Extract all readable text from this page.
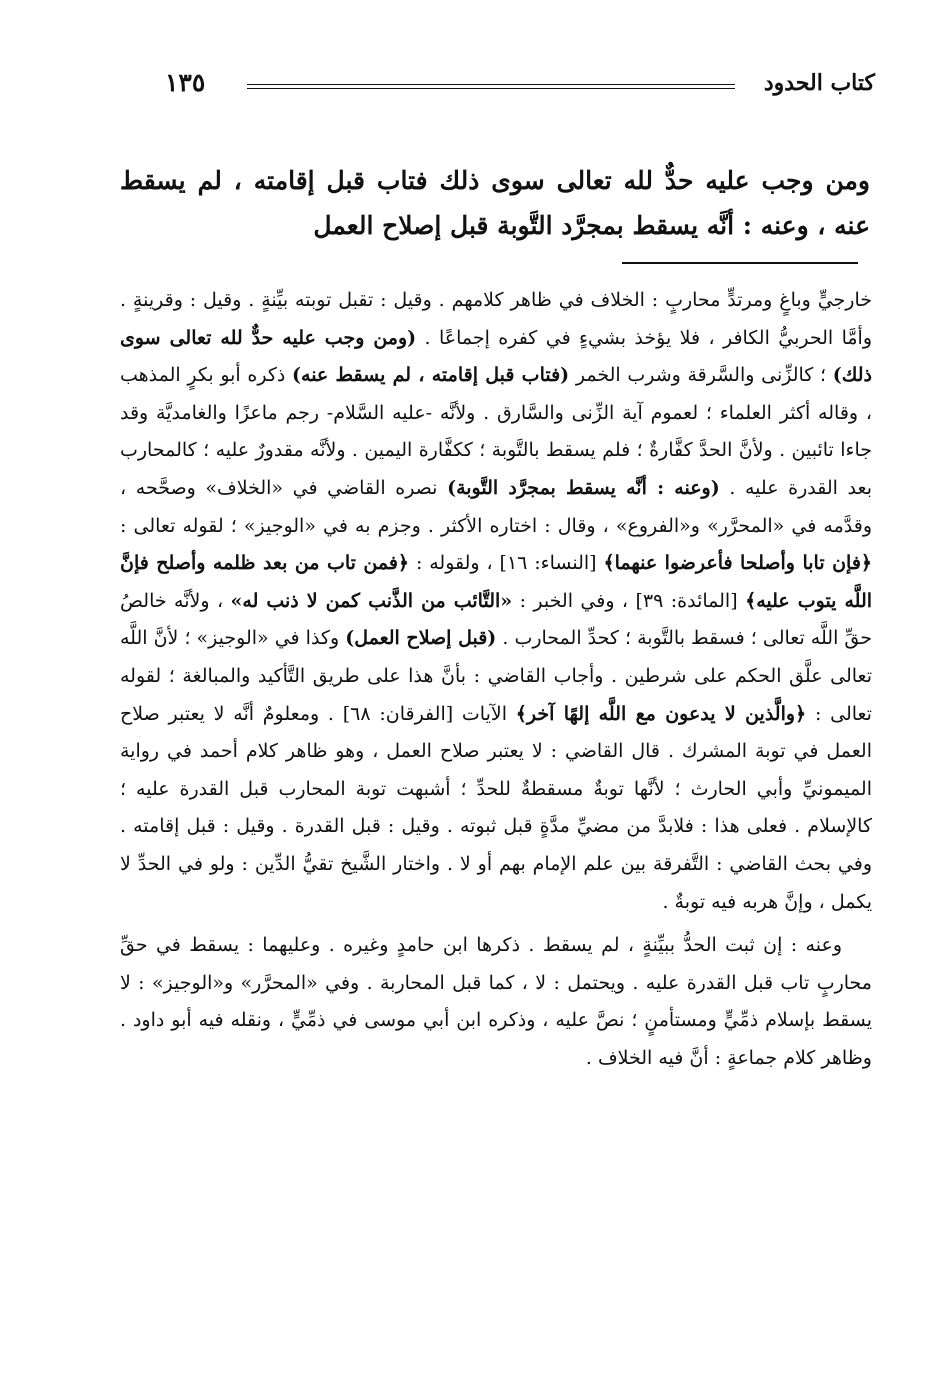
كتاب الحدود
١٣٥
ومن وجب عليه حدٌّ لله تعالى سوى ذلك فتاب قبل إقامته ، لم يسقط عنه ، وعنه : أنَّه يسقط بمجرَّد التَّوبة قبل إصلاح العمل

خارجيٍّ وباغٍ ومرتدٍّ محاربٍ : الخلاف في ظاهر كلامهم . وقيل : تقبل توبته بيِّنةٍ . وقيل : وقرينةٍ . وأمَّا الحربيُّ الكافر ، فلا يؤخذ بشيءٍ في كفره إجماعًا . (ومن وجب عليه حدٌّ لله تعالى سوى ذلك) ؛ كالزِّنى والسَّرقة وشرب الخمر (فتاب قبل إقامته ، لم يسقط عنه) ذكره أبو بكرٍ المذهب ، وقاله أكثر العلماء ؛ لعموم آية الزِّنى والسَّارق . ولأنَّه -عليه السَّلام- رجم ماعزًا والغامديَّة وقد جاءا تائبين . ولأنَّ الحدَّ كفَّارةٌ ؛ فلم يسقط بالتَّوبة ؛ ككفَّارة اليمين . ولأنَّه مقدورٌ عليه ؛ كالمحارب بعد القدرة عليه . (وعنه : أنَّه يسقط بمجرَّد التَّوبة) نصره القاضي في «الخلاف» وصحَّحه ، وقدَّمه في «المحرَّر» و«الفروع» ، وقال : اختاره الأكثر . وجزم به في «الوجيز» ؛ لقوله تعالى : ﴿فإن تابا وأصلحا فأعرضوا عنهما﴾ [النساء: ١٦] ، ولقوله : ﴿فمن تاب من بعد ظلمه وأصلح فإنَّ اللَّه يتوب عليه﴾ [المائدة: ٣٩] ، وفي الخبر : «التَّائب من الذَّنب كمن لا ذنب له» ، ولأنَّه خالصُ حقِّ اللَّه تعالى ؛ فسقط بالتَّوبة ؛ كحدِّ المحارب . (قبل إصلاح العمل) وكذا في «الوجيز» ؛ لأنَّ اللَّه تعالى علَّق الحكم على شرطين . وأجاب القاضي : بأنَّ هذا على طريق التَّأكيد والمبالغة ؛ لقوله تعالى : ﴿والَّذين لا يدعون مع اللَّه إلهًا آخر﴾ الآيات [الفرقان: ٦٨] . ومعلومٌ أنَّه لا يعتبر صلاح العمل في توبة المشرك . قال القاضي : لا يعتبر صلاح العمل ، وهو ظاهر كلام أحمد في رواية الميمونيِّ وأبي الحارث ؛ لأنَّها توبةٌ مسقطةٌ للحدِّ ؛ أشبهت توبة المحارب قبل القدرة عليه ؛ كالإسلام . فعلى هذا : فلابدَّ من مضيِّ مدَّةٍ قبل ثبوته . وقيل : قبل القدرة . وقيل : قبل إقامته . وفي بحث القاضي : التَّفرقة بين علم الإمام بهم أو لا . واختار الشَّيخ تقيُّ الدِّين : ولو في الحدِّ لا يكمل ، وإنَّ هربه فيه توبةٌ .

وعنه : إن ثبت الحدُّ ببيِّنةٍ ، لم يسقط . ذكرها ابن حامدٍ وغيره . وعليهما : يسقط في حقِّ محاربٍ تاب قبل القدرة عليه . ويحتمل : لا ، كما قبل المحاربة . وفي «المحرَّر» و«الوجيز» : لا يسقط بإسلام ذمِّيٍّ ومستأمنٍ ؛ نصَّ عليه ، وذكره ابن أبي موسى في ذمِّيٍّ ، ونقله فيه أبو داود . وظاهر كلام جماعةٍ : أنَّ فيه الخلاف .
